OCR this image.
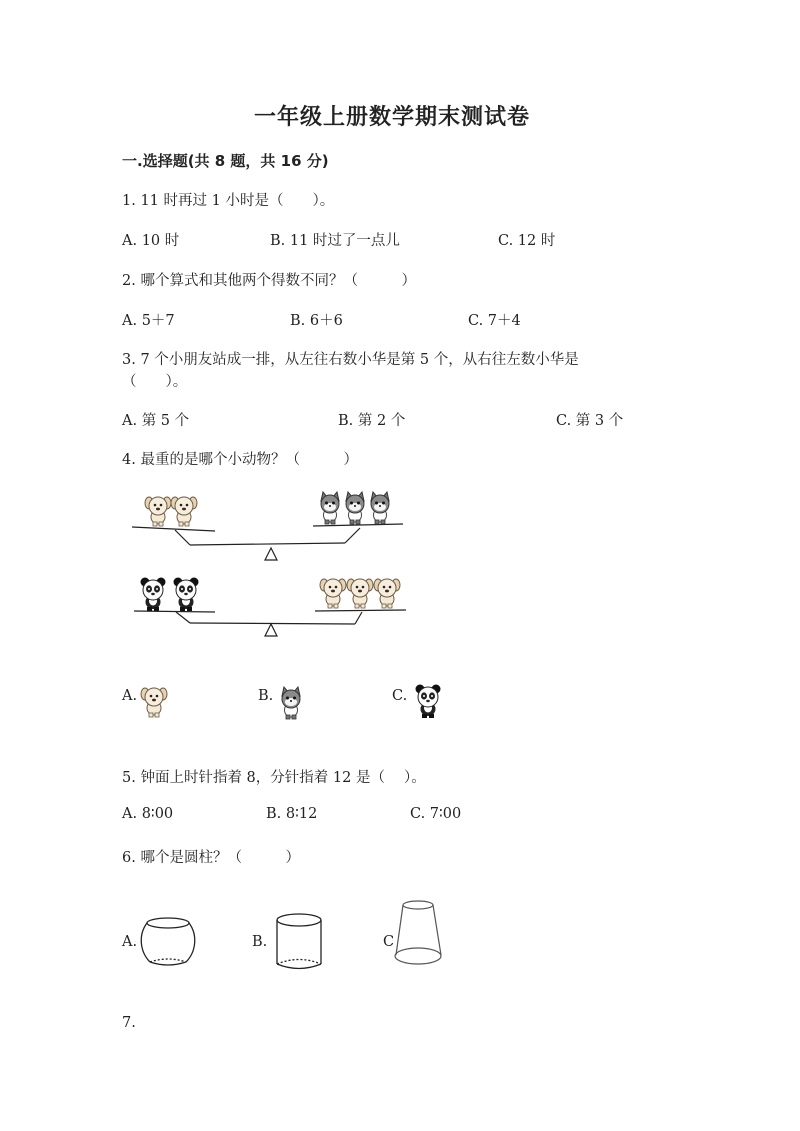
一年级上册数学期末测试卷
一.选择题(共 8 题，共 16 分)
1. 11 时再过 1 小时是（　　）。
A. 10 时	B. 11 时过了一点儿	C. 12 时
2. 哪个算式和其他两个得数不同？（　　　）
A. 5＋7	B. 6＋6	C. 7＋4
3. 7 个小朋友站成一排，从左往右数小华是第 5 个，从右往左数小华是
（　　）。
A. 第 5 个	B. 第 2 个	C. 第 3 个
4. 最重的是哪个小动物？（　　　）
A.	B.	C.
5. 钟面上时针指着 8，分针指着 12 是（　 ）。
A. 8∶00	B. 8∶12	C. 7∶00
6. 哪个是圆柱？（　　　）
A.	B.	C
7.
